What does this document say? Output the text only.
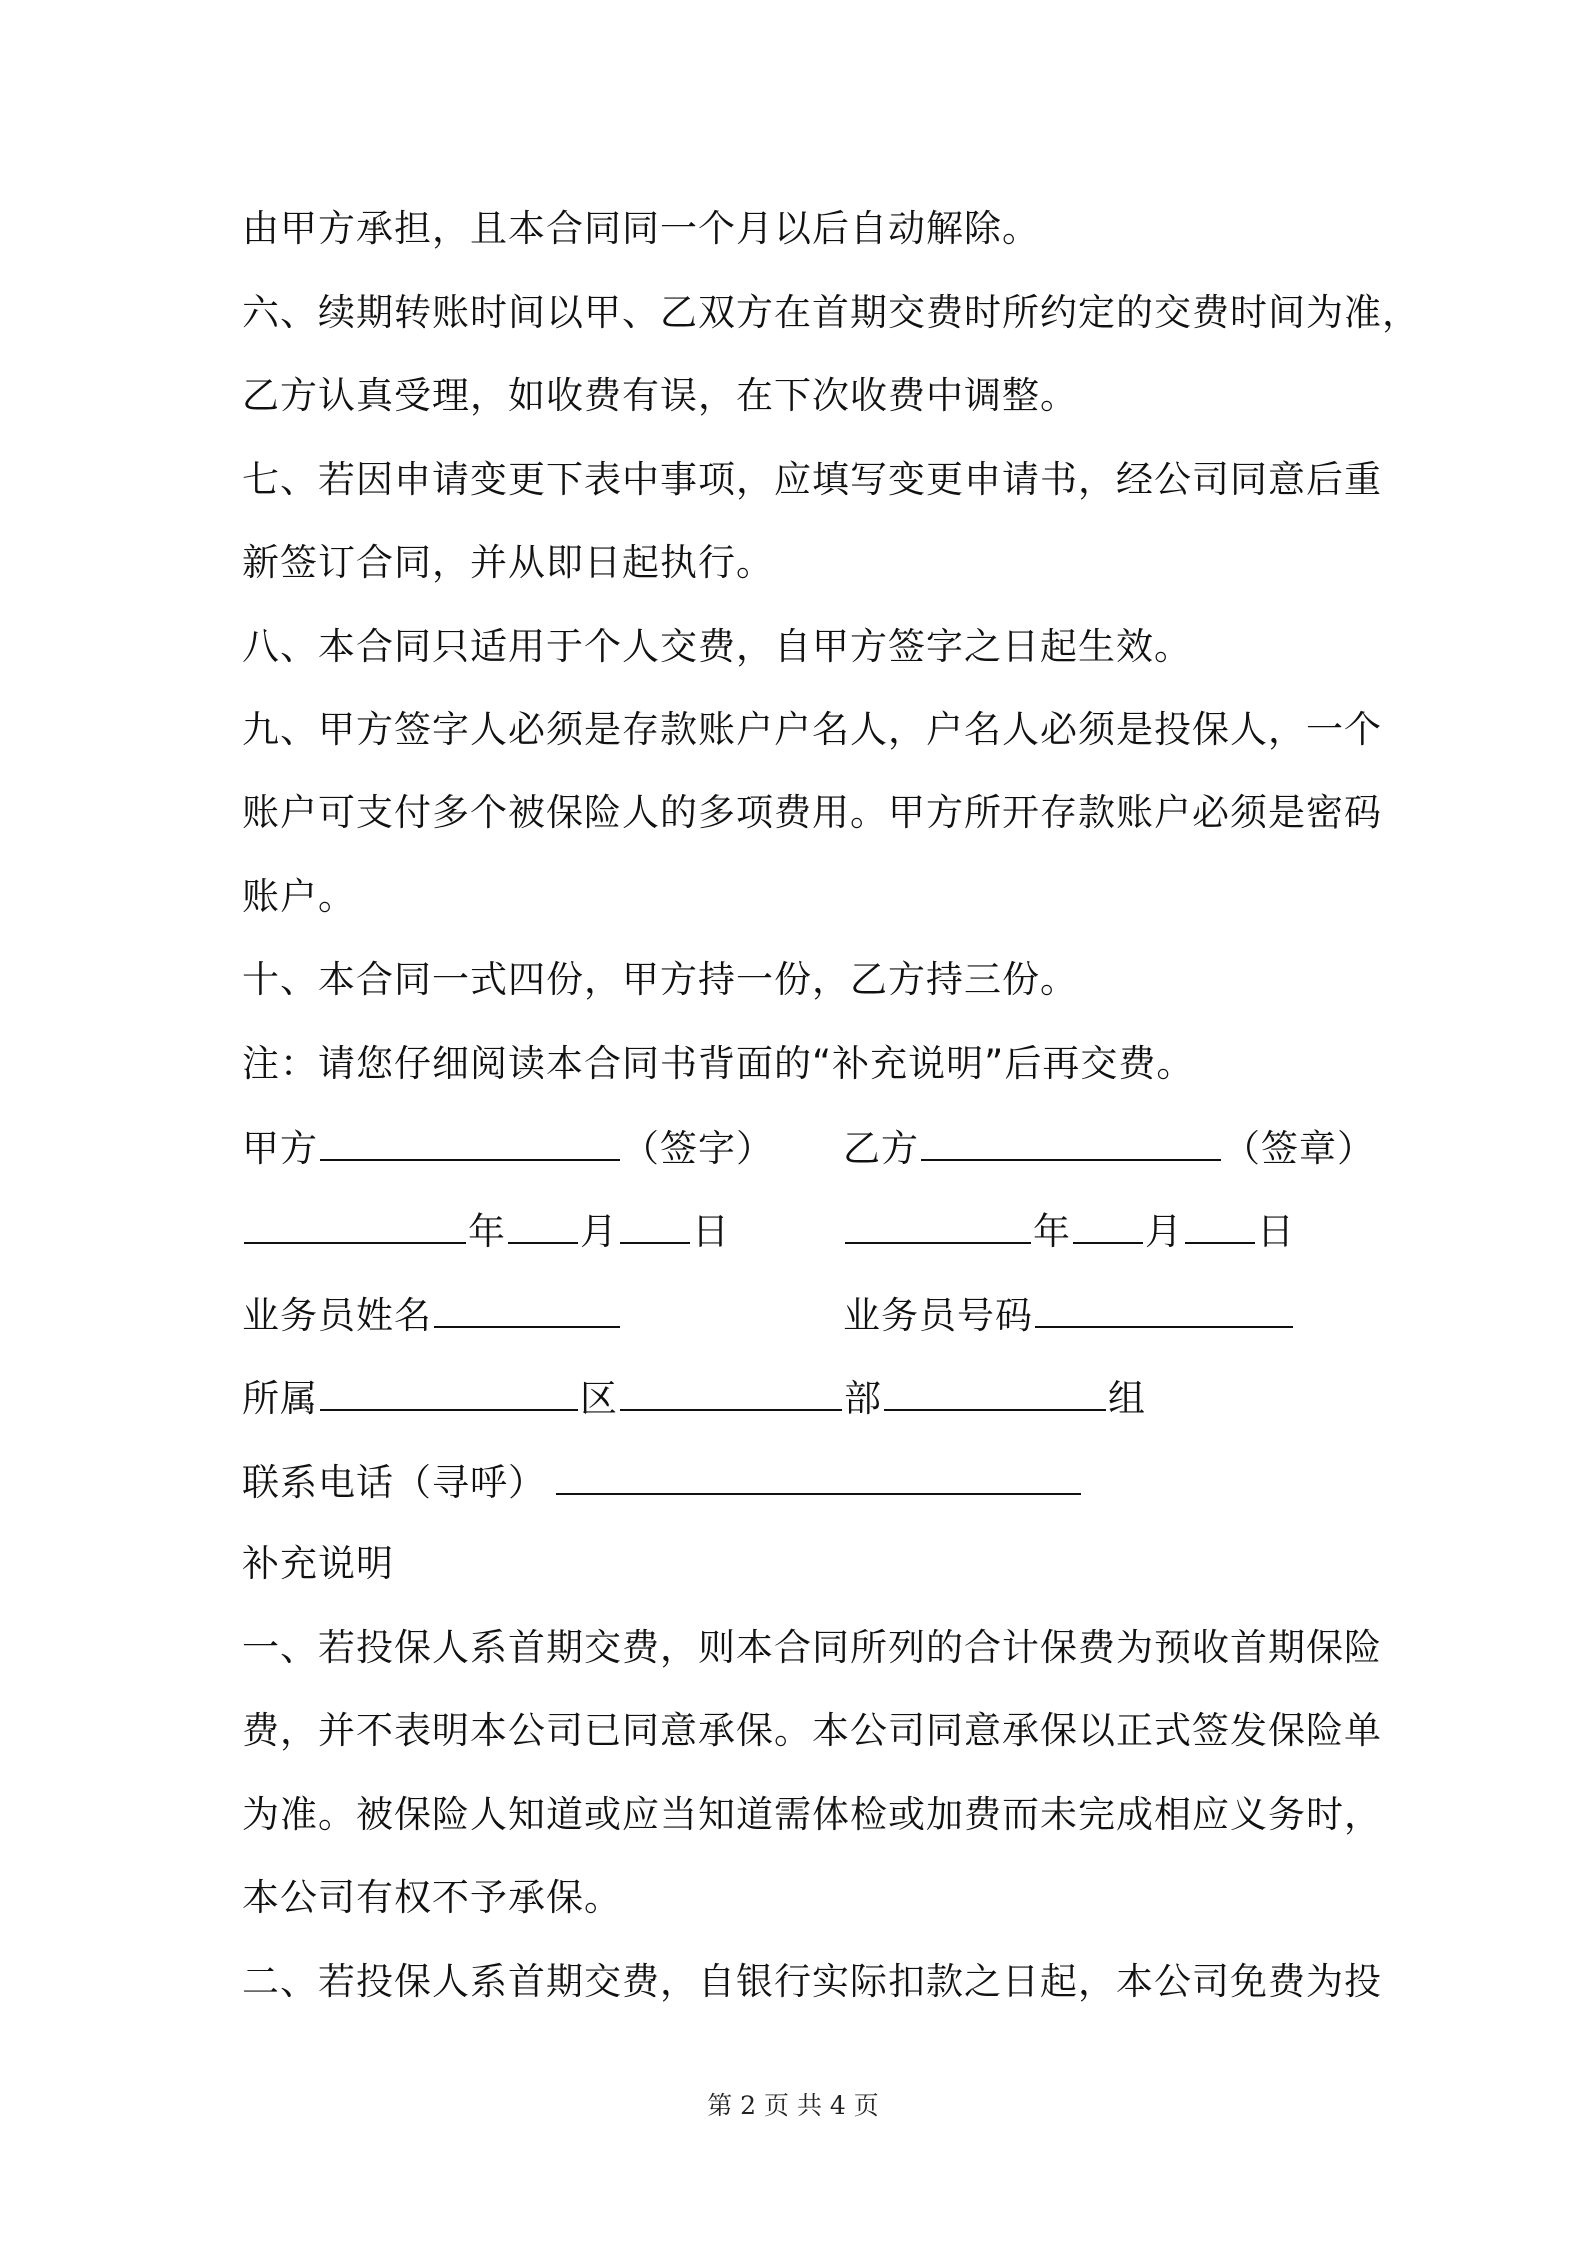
由甲方承担，且本合同同一个月以后自动解除。
六、续期转账时间以甲、乙双方在首期交费时所约定的交费时间为准，
乙方认真受理，如收费有误，在下次收费中调整。
七、若因申请变更下表中事项，应填写变更申请书，经公司同意后重
新签订合同，并从即日起执行。
八、本合同只适用于个人交费，自甲方签字之日起生效。
九、甲方签字人必须是存款账户户名人，户名人必须是投保人，一个
账户可支付多个被保险人的多项费用。甲方所开存款账户必须是密码
账户。
十、本合同一式四份，甲方持一份，乙方持三份。
注：请您仔细阅读本合同书背面的“补充说明”后再交费。
甲方	（签字） 乙方	（签章）
年 月 日	年 月 日
业务员姓名	业务员号码
所属	区	部	组
联系电话（寻呼）
补充说明
一、若投保人系首期交费，则本合同所列的合计保费为预收首期保险
费，并不表明本公司已同意承保。本公司同意承保以正式签发保险单
为准。被保险人知道或应当知道需体检或加费而未完成相应义务时，
本公司有权不予承保。
二、若投保人系首期交费，自银行实际扣款之日起，本公司免费为投
第 2 页 共 4 页
